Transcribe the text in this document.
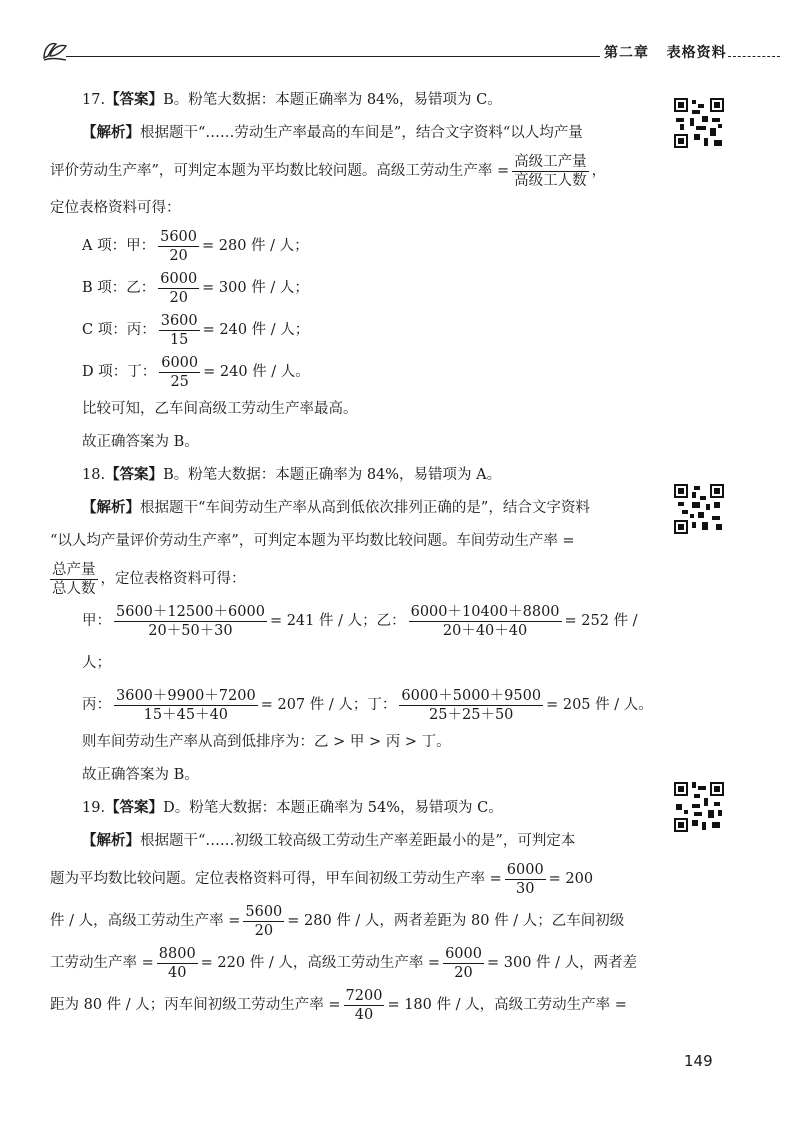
第二章 表格资料

17.【答案】B。粉笔大数据：本题正确率为 84%，易错项为 C。

【解析】根据题干“……劳动生产率最高的车间是”，结合文字资料“以人均产量

评价劳动生产率”，可判定本题为平均数比较问题。高级工劳动生产率 = $\frac{\text{高级工产量}}{\text{高级工人数}}$ ，

定位表格资料可得：

A 项：甲： $\frac{5600}{20} = 280$ 件 / 人；

B 项：乙： $\frac{6000}{20} = 300$ 件 / 人；

C 项：丙： $\frac{3600}{15} = 240$ 件 / 人；

D 项：丁： $\frac{6000}{25} = 240$ 件 / 人。

比较可知，乙车间高级工劳动生产率最高。

故正确答案为 B。

18.【答案】B。粉笔大数据：本题正确率为 84%，易错项为 A。

【解析】根据题干“车间劳动生产率从高到低依次排列正确的是”，结合文字资料

“以人均产量评价劳动生产率”，可判定本题为平均数比较问题。车间劳动生产率 =

$\frac{\text{总产量}}{\text{总人数}}$ ，定位表格资料可得：

甲： $\frac{5600+12500+6000}{20+50+30} = 241$ 件 / 人；乙： $\frac{6000+10400+8800}{20+40+40} = 252$ 件 / 人；

丙： $\frac{3600+9900+7200}{15+45+40} = 207$ 件 / 人；丁： $\frac{6000+5000+9500}{25+25+50} = 205$ 件 / 人。

则车间劳动生产率从高到低排序为：乙 > 甲 > 丙 > 丁。

故正确答案为 B。

19.【答案】D。粉笔大数据：本题正确率为 54%，易错项为 C。

【解析】根据题干“……初级工较高级工劳动生产率差距最小的是”，可判定本

题为平均数比较问题。定位表格资料可得，甲车间初级工劳动生产率 = $\frac{6000}{30} = 200$

件 / 人，高级工劳动生产率 = $\frac{5600}{20} = 280$ 件 / 人，两者差距为 80 件 / 人；乙车间初级

工劳动生产率 = $\frac{8800}{40} = 220$ 件 / 人，高级工劳动生产率 = $\frac{6000}{20} = 300$ 件 / 人，两者差

距为 80 件 / 人；丙车间初级工劳动生产率 = $\frac{7200}{40} = 180$ 件 / 人，高级工劳动生产率 =

149
